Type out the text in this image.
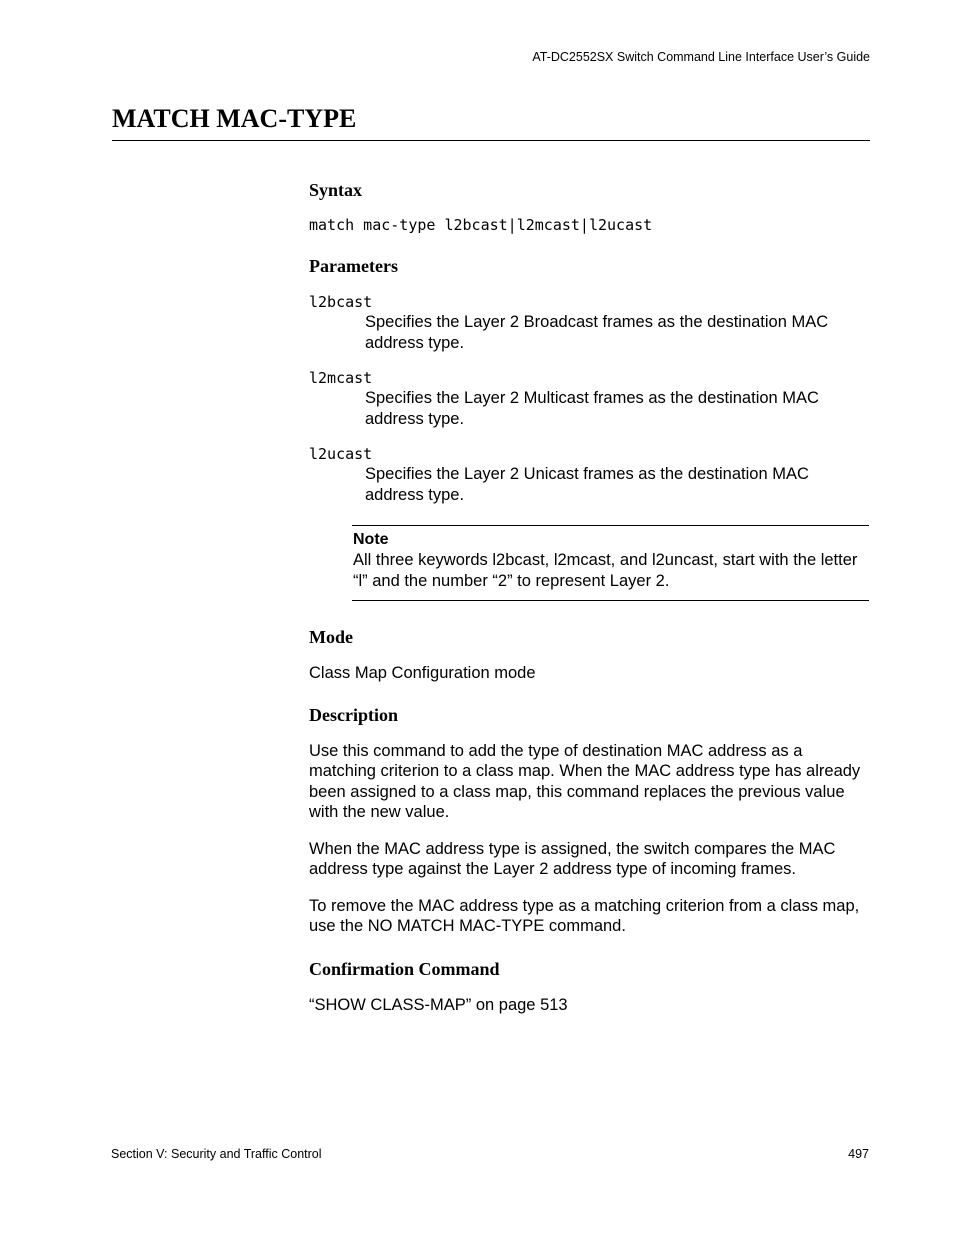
AT-DC2552SX Switch Command Line Interface User’s Guide
MATCH MAC-TYPE
Syntax

match mac-type l2bcast|l2mcast|l2ucast

Parameters

l2bcast

Specifies the Layer 2 Broadcast frames as the destination MAC address type.

l2mcast

Specifies the Layer 2 Multicast frames as the destination MAC address type.

l2ucast

Specifies the Layer 2 Unicast frames as the destination MAC address type.

Note

All three keywords l2bcast, l2mcast, and l2uncast, start with the letter “l” and the number “2” to represent Layer 2.

Mode

Class Map Configuration mode

Description

Use this command to add the type of destination MAC address as a matching criterion to a class map. When the MAC address type has already been assigned to a class map, this command replaces the previous value with the new value.

When the MAC address type is assigned, the switch compares the MAC address type against the Layer 2 address type of incoming frames.

To remove the MAC address type as a matching criterion from a class map, use the NO MATCH MAC-TYPE command.

Confirmation Command

“SHOW CLASS-MAP” on page 513

Section V: Security and Traffic Control	497
